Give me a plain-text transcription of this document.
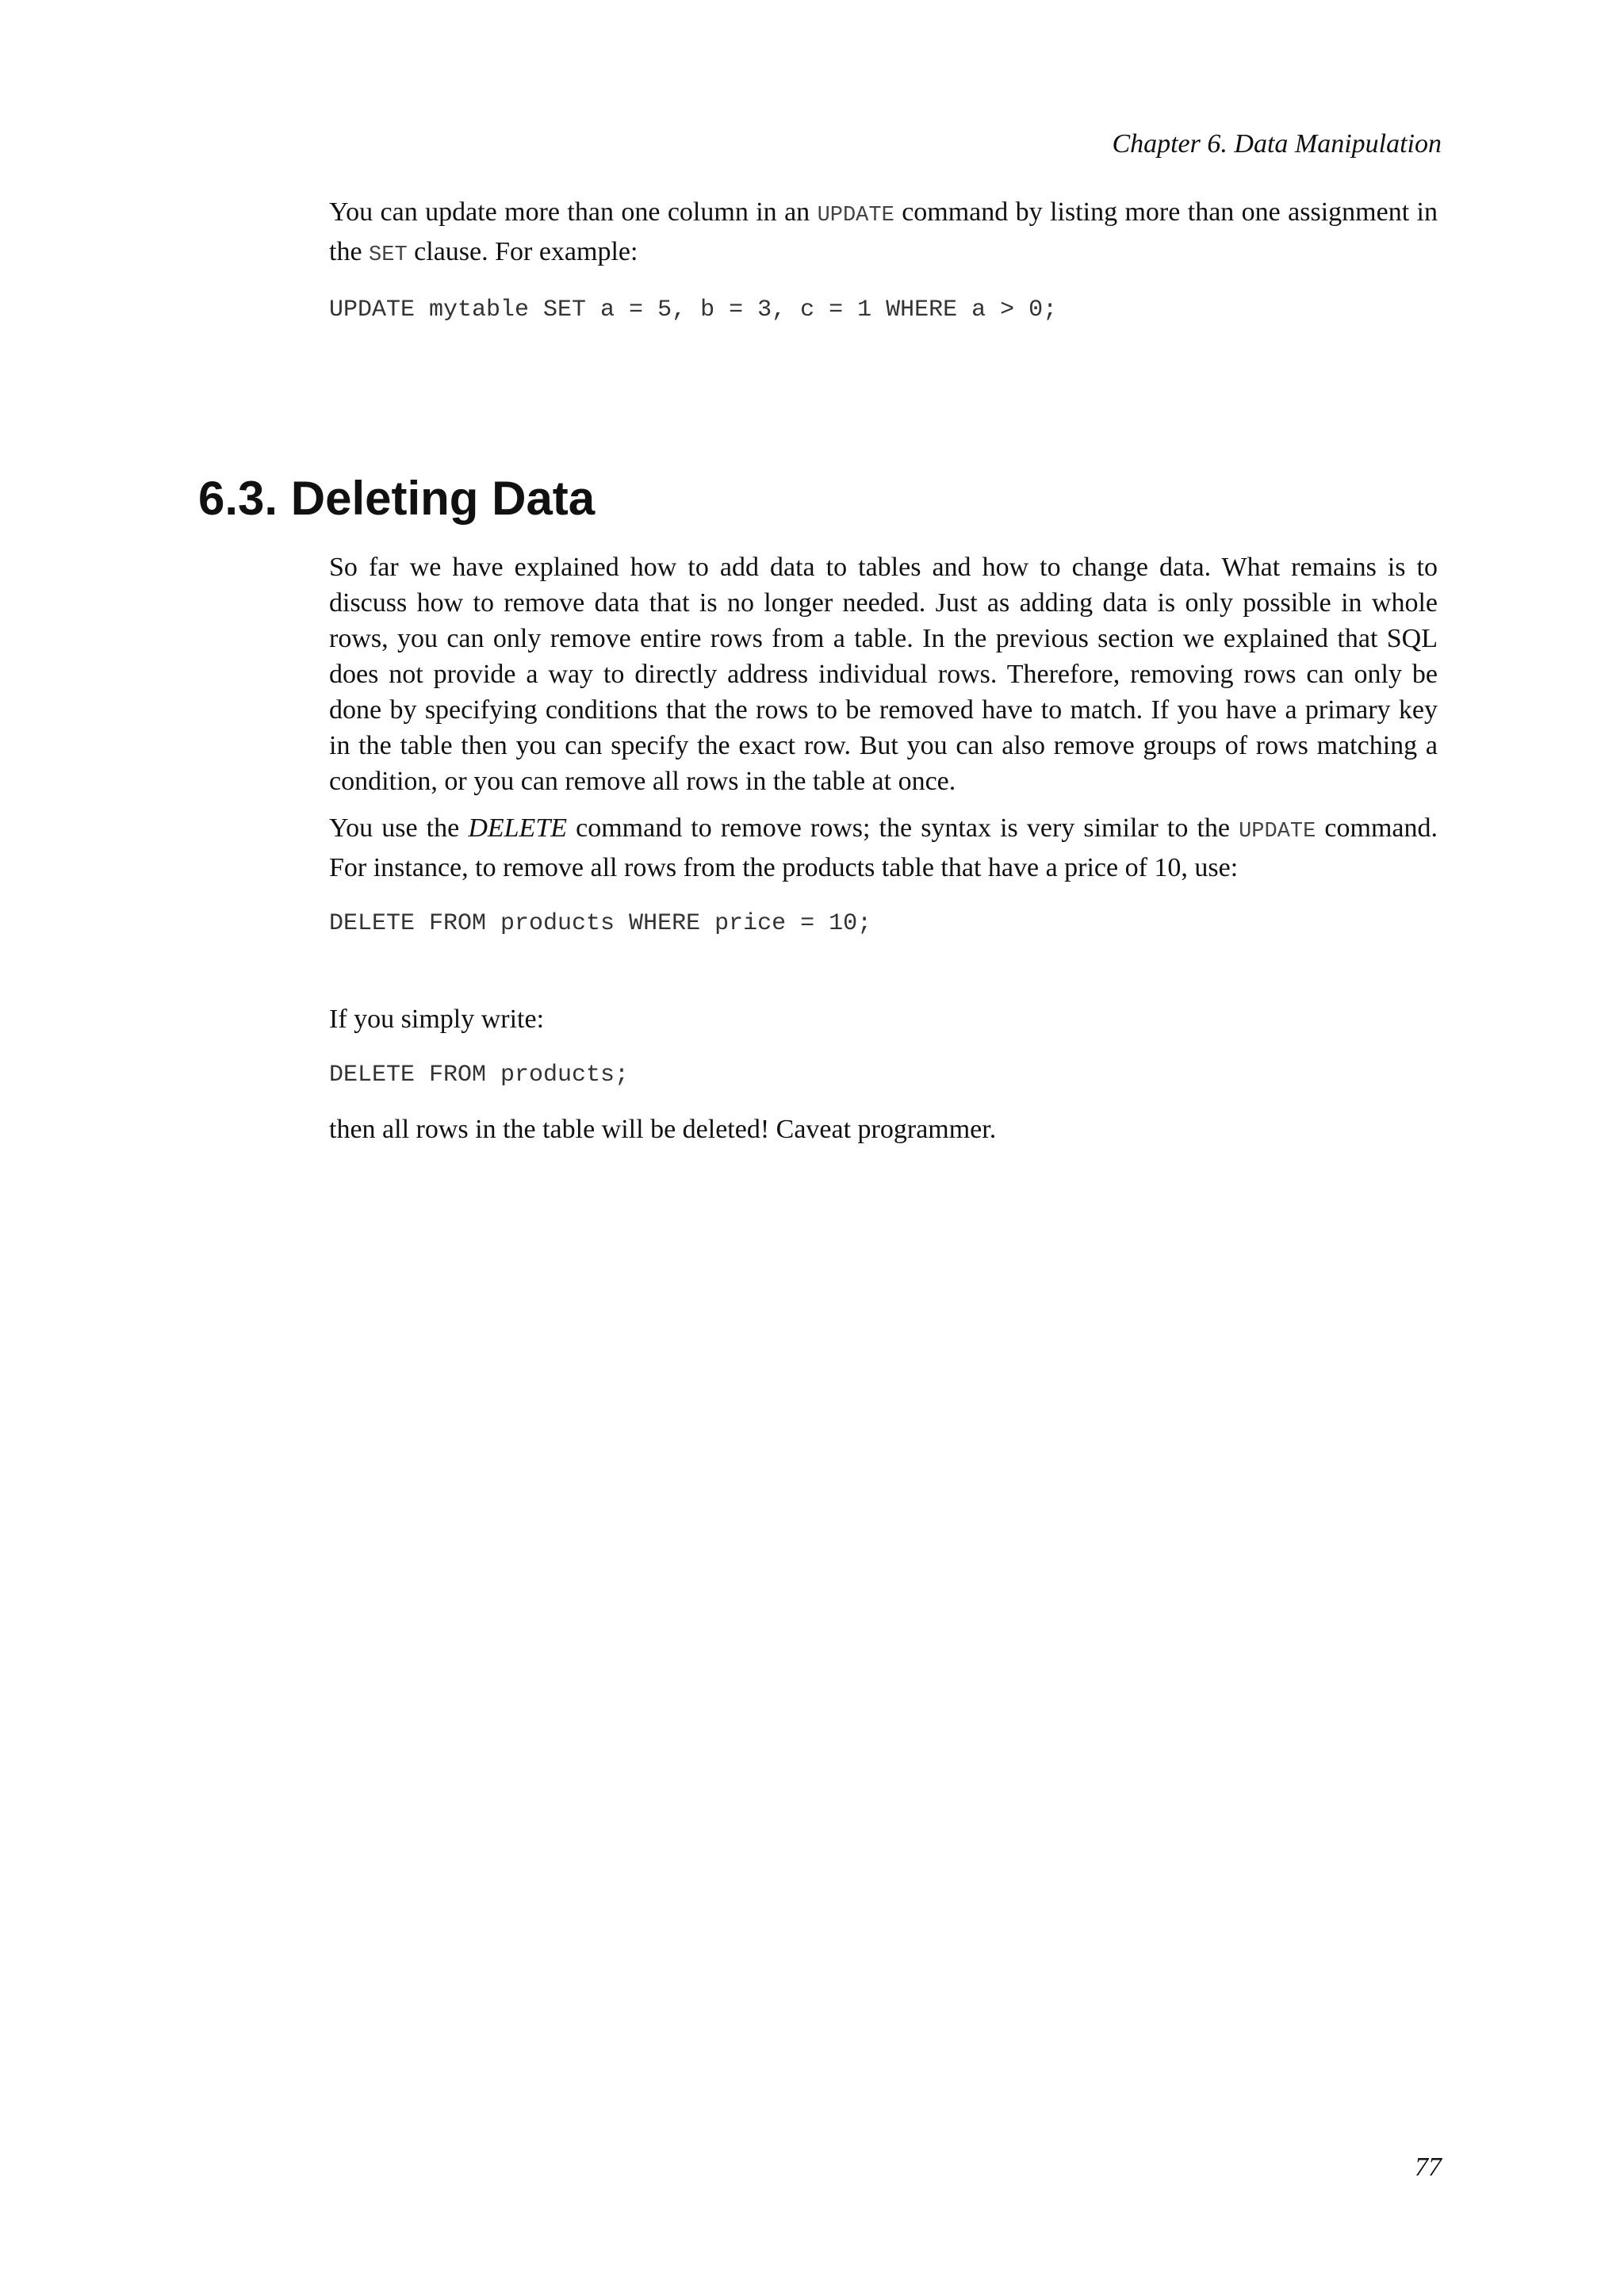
Chapter 6. Data Manipulation

You can update more than one column in an UPDATE command by listing more than one assignment in the SET clause. For example:

UPDATE mytable SET a = 5, b = 3, c = 1 WHERE a > 0;
6.3. Deleting Data

So far we have explained how to add data to tables and how to change data. What remains is to discuss how to remove data that is no longer needed. Just as adding data is only possible in whole rows, you can only remove entire rows from a table. In the previous section we explained that SQL does not provide a way to directly address individual rows. Therefore, removing rows can only be done by specifying conditions that the rows to be removed have to match. If you have a primary key in the table then you can specify the exact row. But you can also remove groups of rows matching a condition, or you can remove all rows in the table at once.

You use the DELETE command to remove rows; the syntax is very similar to the UPDATE command. For instance, to remove all rows from the products table that have a price of 10, use:

DELETE FROM products WHERE price = 10;

If you simply write:

DELETE FROM products;

then all rows in the table will be deleted! Caveat programmer.

77
